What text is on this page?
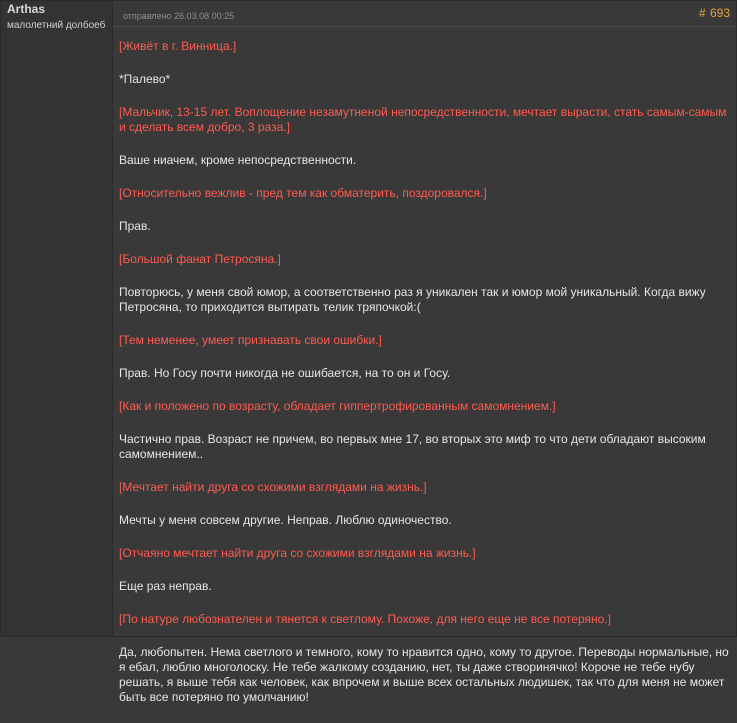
Arthas
малолетний долбоеб
отправлено 26.03.08 00:25	# 693
[Живёт в г. Винница.]
*Палево*
[Мальчик, 13-15 лет. Воплощение незамутненой непосредственности, мечтает вырасти, стать самым-самым и сделать всем добро, 3 раза.]
Ваше ниачем, кроме непосредственности.
[Относительно вежлив - пред тем как обматерить, поздоровался.]
Прав.
[Большой фанат Петросяна.]
Повторюсь, у меня свой юмор, а соответственно раз я уникален так и юмор мой уникальный. Когда вижу Петросяна, то приходится вытирать телик тряпочкой:(
[Тем неменее, умеет признавать свои ошибки.]
Прав. Но Госу почти никогда не ошибается, на то он и Госу.
[Как и положено по возрасту, обладает гиппертрофированным самомнением.]
Частично прав. Возраст не причем, во первых мне 17, во вторых это миф то что дети обладают высоким самомнением..
[Мечтает найти друга со схожими взглядами на жизнь.]
Мечты у меня совсем другие. Неправ. Люблю одиночество.
[Отчаяно мечтает найти друга со схожими взглядами на жизнь.]
Еще раз неправ.
[По натуре любознателен и тянется к светлому. Похоже, для него еще не все потеряно.]
Да, любопытен. Нема светлого и темного, кому то нравится одно, кому то другое. Переводы нормальные, но я ебал, люблю многолоску. Не тебе жалкому созданию, нет, ты даже створинячко! Короче не тебе нубу решать, я выше тебя как человек, как впрочем и выше всех остальных людишек, так что для меня не может быть все потеряно по умолчанию!
